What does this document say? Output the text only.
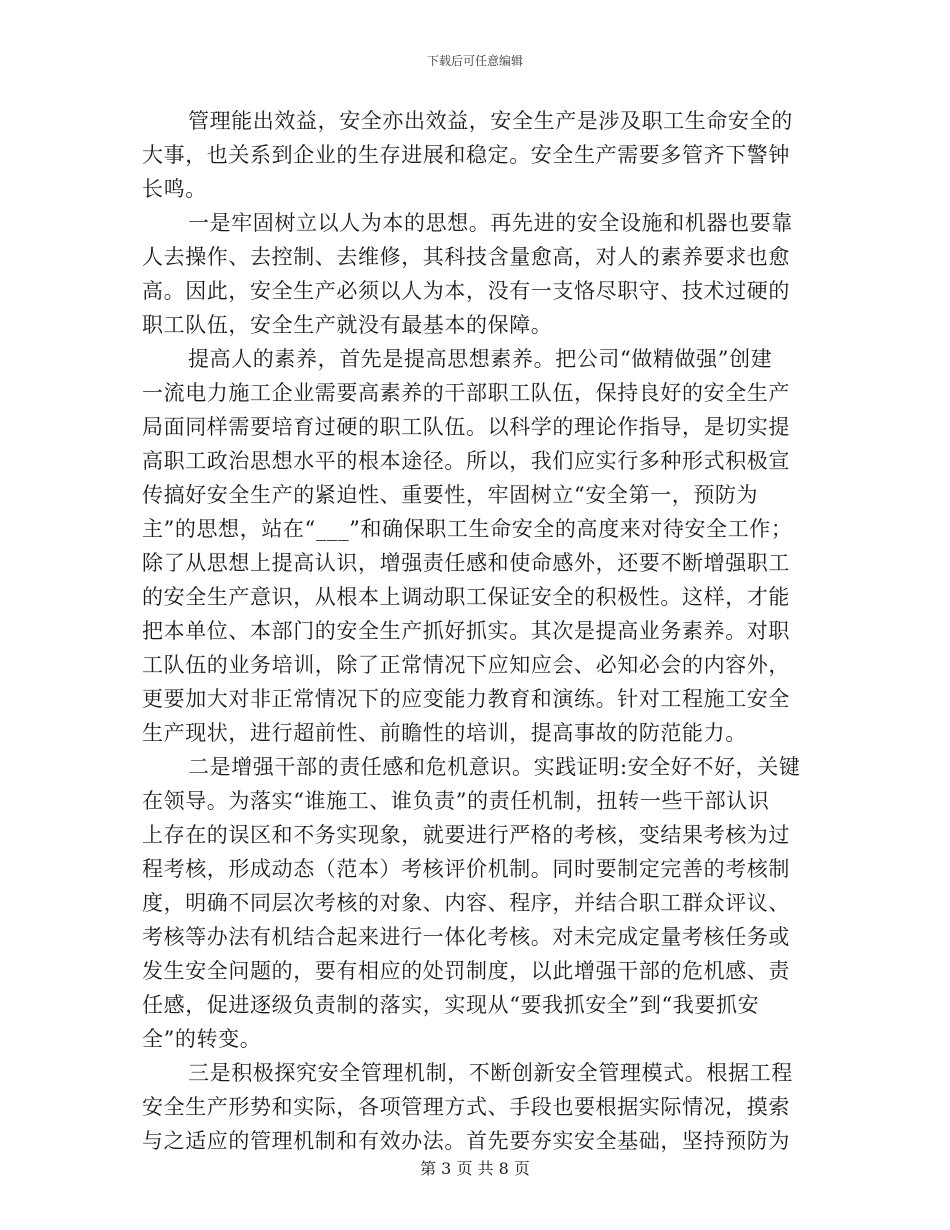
下载后可任意编辑
管理能出效益，安全亦出效益，安全生产是涉及职工生命安全的
大事，也关系到企业的生存进展和稳定。安全生产需要多管齐下警钟
长鸣。
一是牢固树立以人为本的思想。再先进的安全设施和机器也要靠
人去操作、去控制、去维修，其科技含量愈高，对人的素养要求也愈
高。因此，安全生产必须以人为本，没有一支恪尽职守、技术过硬的
职工队伍，安全生产就没有最基本的保障。
提高人的素养，首先是提高思想素养。把公司“做精做强”创建
一流电力施工企业需要高素养的干部职工队伍，保持良好的安全生产
局面同样需要培育过硬的职工队伍。以科学的理论作指导，是切实提
高职工政治思想水平的根本途径。所以，我们应实行多种形式积极宣
传搞好安全生产的紧迫性、重要性，牢固树立“安全第一，预防为
主”的思想，站在“___”和确保职工生命安全的高度来对待安全工作；
除了从思想上提高认识，增强责任感和使命感外，还要不断增强职工
的安全生产意识，从根本上调动职工保证安全的积极性。这样，才能
把本单位、本部门的安全生产抓好抓实。其次是提高业务素养。对职
工队伍的业务培训，除了正常情况下应知应会、必知必会的内容外，
更要加大对非正常情况下的应变能力教育和演练。针对工程施工安全
生产现状，进行超前性、前瞻性的培训，提高事故的防范能力。
二是增强干部的责任感和危机意识。实践证明:安全好不好，关键
在领导。为落实“谁施工、谁负责”的责任机制，扭转一些干部认识
上存在的误区和不务实现象，就要进行严格的考核，变结果考核为过
程考核，形成动态（范本）考核评价机制。同时要制定完善的考核制
度，明确不同层次考核的对象、内容、程序，并结合职工群众评议、
考核等办法有机结合起来进行一体化考核。对未完成定量考核任务或
发生安全问题的，要有相应的处罚制度，以此增强干部的危机感、责
任感，促进逐级负责制的落实，实现从“要我抓安全”到“我要抓安
全”的转变。
三是积极探究安全管理机制，不断创新安全管理模式。根据工程
安全生产形势和实际，各项管理方式、手段也要根据实际情况，摸索
与之适应的管理机制和有效办法。首先要夯实安全基础，坚持预防为
第 3 页 共 8 页
